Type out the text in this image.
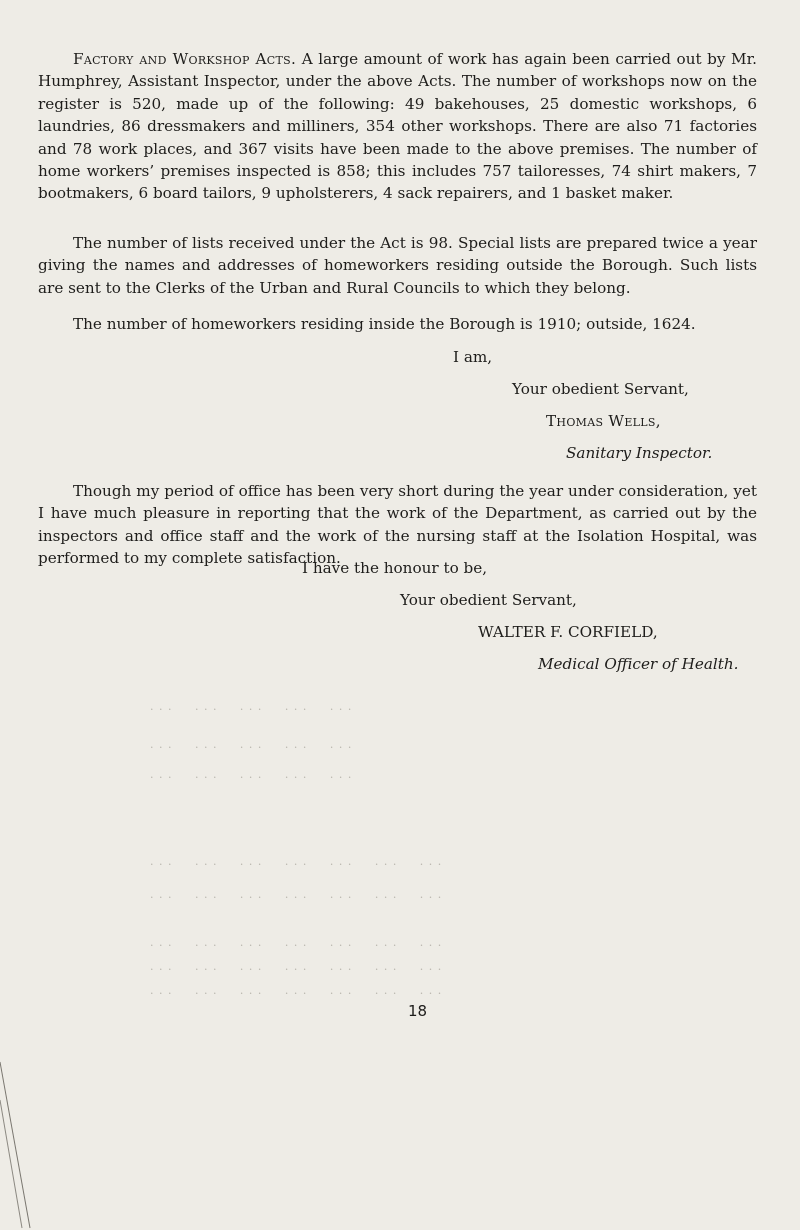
Factory and Workshop Acts. A large amount of work has again been carried out by Mr. Humphrey, Assistant Inspector, under the above Acts. The number of workshops now on the register is 520, made up of the following: 49 bakehouses, 25 domestic workshops, 6 laundries, 86 dressmakers and milliners, 354 other workshops. There are also 71 factories and 78 work places, and 367 visits have been made to the above premises. The number of home workers’ premises inspected is 858; this includes 757 tailoresses, 74 shirt makers, 7 bootmakers, 6 board tailors, 9 upholsterers, 4 sack repairers, and 1 basket maker.

The number of lists received under the Act is 98. Special lists are prepared twice a year giving the names and addresses of homeworkers residing outside the Borough. Such lists are sent to the Clerks of the Urban and Rural Councils to which they belong.

The number of homeworkers residing inside the Borough is 1910; outside, 1624.

I am,
Your obedient Servant,
Thomas Wells,
Sanitary Inspector.

Though my period of office has been very short during the year under consideration, yet I have much pleasure in reporting that the work of the Department, as carried out by the inspectors and office staff and the work of the nursing staff at the Isolation Hospital, was performed to my complete satisfaction.

I have the honour to be,
Your obedient Servant,
WALTER F. CORFIELD,
Medical Officer of Health.
. . .     . . .     . . .     . . .     . . .
. . .     . . .     . . .     . . .     . . .
. . .     . . .     . . .     . . .     . . .
. . .     . . .     . . .     . . .     . . .     . . .     . . .
. . .     . . .     . . .     . . .     . . .     . . .     . . .
. . .     . . .     . . .     . . .     . . .     . . .     . . .
. . .     . . .     . . .     . . .     . . .     . . .     . . .
. . .     . . .     . . .     . . .     . . .     . . .     . . .
18
